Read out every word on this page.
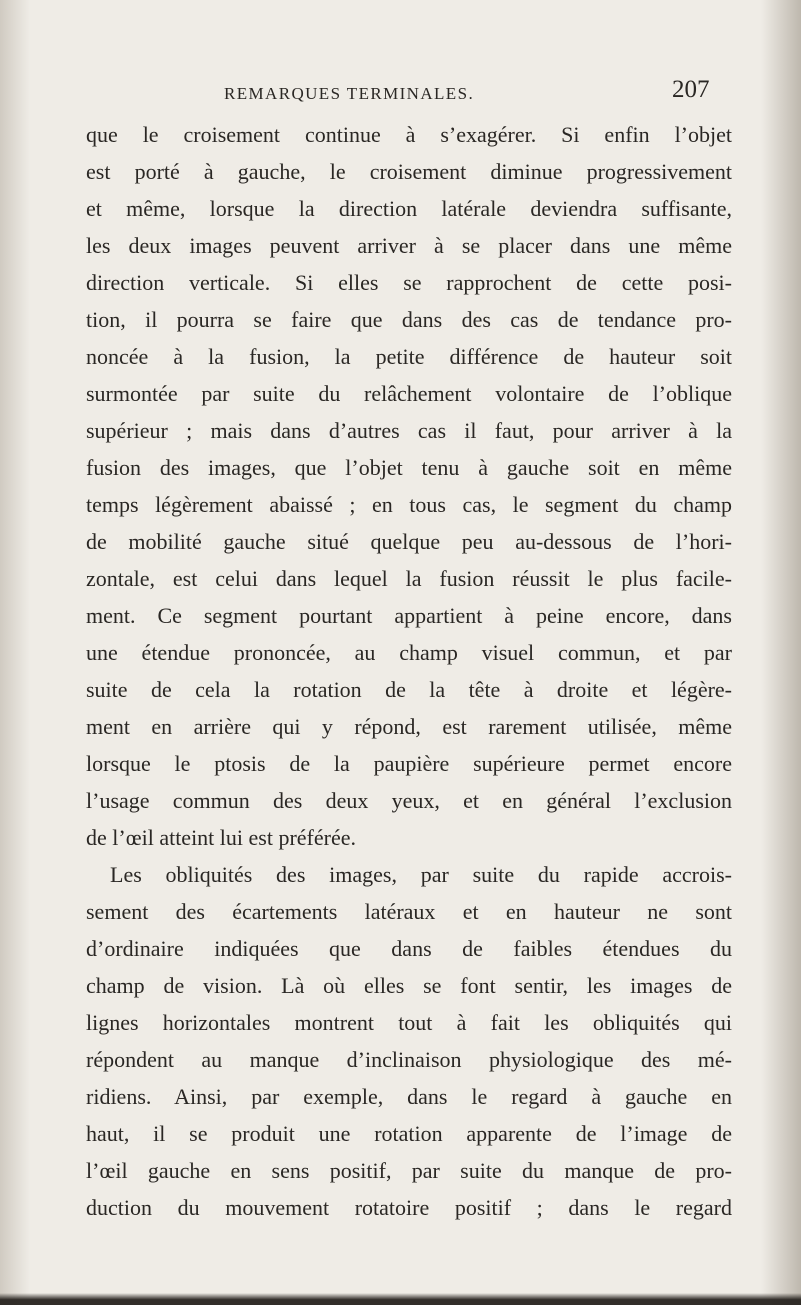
REMARQUES TERMINALES.	207
que le croisement continue à s’exagérer. Si enfin l’objet
est porté à gauche, le croisement diminue progressivement
et même, lorsque la direction latérale deviendra suffisante,
les deux images peuvent arriver à se placer dans une même
direction verticale. Si elles se rapprochent de cette posi-
tion, il pourra se faire que dans des cas de tendance pro-
noncée à la fusion, la petite différence de hauteur soit
surmontée par suite du relâchement volontaire de l’oblique
supérieur ; mais dans d’autres cas il faut, pour arriver à la
fusion des images, que l’objet tenu à gauche soit en même
temps légèrement abaissé ; en tous cas, le segment du champ
de mobilité gauche situé quelque peu au-dessous de l’hori-
zontale, est celui dans lequel la fusion réussit le plus facile-
ment. Ce segment pourtant appartient à peine encore, dans
une étendue prononcée, au champ visuel commun, et par
suite de cela la rotation de la tête à droite et légère-
ment en arrière qui y répond, est rarement utilisée, même
lorsque le ptosis de la paupière supérieure permet encore
l’usage commun des deux yeux, et en général l’exclusion
de l’œil atteint lui est préférée.
Les obliquités des images, par suite du rapide accrois-
sement des écartements latéraux et en hauteur ne sont
d’ordinaire indiquées que dans de faibles étendues du
champ de vision. Là où elles se font sentir, les images de
lignes horizontales montrent tout à fait les obliquités qui
répondent au manque d’inclinaison physiologique des mé-
ridiens. Ainsi, par exemple, dans le regard à gauche en
haut, il se produit une rotation apparente de l’image de
l’œil gauche en sens positif, par suite du manque de pro-
duction du mouvement rotatoire positif ; dans le regard
